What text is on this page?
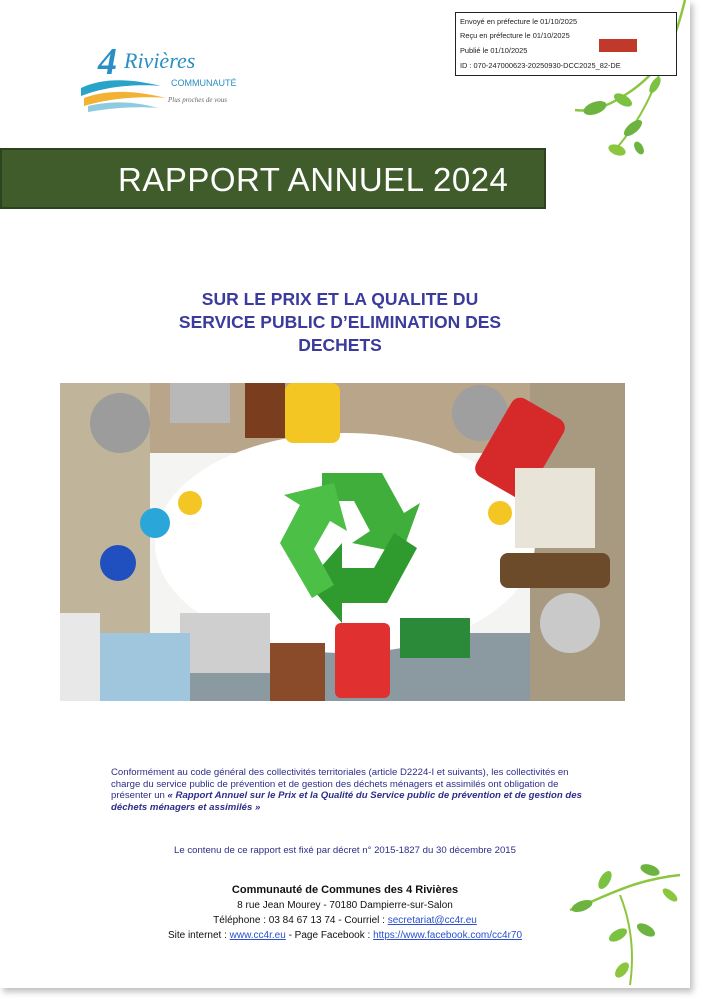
4 Rivières
COMMUNAUTÉ
Plus proches de vous
Envoyé en préfecture le 01/10/2025
Reçu en préfecture le 01/10/2025
Publié le 01/10/2025
ID : 070-247000623-20250930-DCC2025_82-DE
RAPPORT ANNUEL 2024
SUR LE PRIX ET LA QUALITE DU
SERVICE PUBLIC D’ELIMINATION DES
DECHETS
Conformément au code général des collectivités territoriales (article D2224-I et suivants), les collectivités en charge du service public de prévention et de gestion des déchets ménagers et assimilés ont obligation de présenter un « Rapport Annuel sur le Prix et la Qualité du Service public de prévention et de gestion des déchets ménagers et assimilés »
Le contenu de ce rapport est fixé par décret n° 2015-1827 du 30 décembre 2015
Communauté de Communes des 4 Rivières
8 rue Jean Mourey - 70180 Dampierre-sur-Salon
Téléphone : 03 84 67 13 74 - Courriel : secretariat@cc4r.eu
Site internet : www.cc4r.eu - Page Facebook : https://www.facebook.com/cc4r70
